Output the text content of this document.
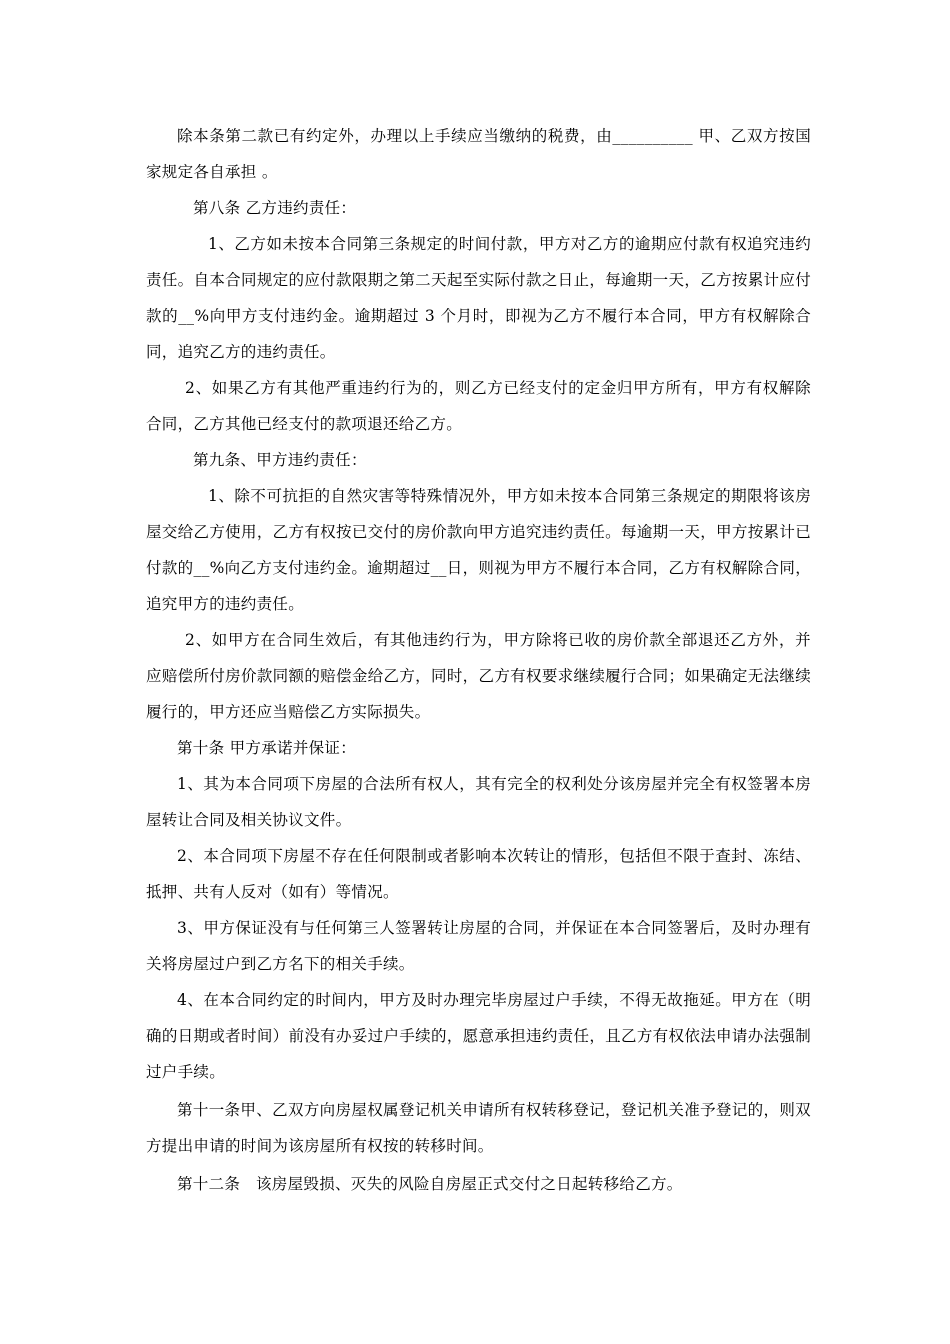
除本条第二款已有约定外，办理以上手续应当缴纳的税费，由__________ 甲、乙双方按国家规定各自承担 。

第八条 乙方违约责任：

1、乙方如未按本合同第三条规定的时间付款，甲方对乙方的逾期应付款有权追究违约责任。自本合同规定的应付款限期之第二天起至实际付款之日止，每逾期一天，乙方按累计应付款的__%向甲方支付违约金。逾期超过 3 个月时，即视为乙方不履行本合同，甲方有权解除合同，追究乙方的违约责任。

2、如果乙方有其他严重违约行为的，则乙方已经支付的定金归甲方所有，甲方有权解除合同，乙方其他已经支付的款项退还给乙方。

第九条、甲方违约责任：

1、除不可抗拒的自然灾害等特殊情况外，甲方如未按本合同第三条规定的期限将该房屋交给乙方使用，乙方有权按已交付的房价款向甲方追究违约责任。每逾期一天，甲方按累计已付款的__%向乙方支付违约金。逾期超过__日，则视为甲方不履行本合同，乙方有权解除合同，追究甲方的违约责任。

2、如甲方在合同生效后，有其他违约行为，甲方除将已收的房价款全部退还乙方外，并应赔偿所付房价款同额的赔偿金给乙方，同时，乙方有权要求继续履行合同；如果确定无法继续履行的，甲方还应当赔偿乙方实际损失。

第十条 甲方承诺并保证：

1、其为本合同项下房屋的合法所有权人，其有完全的权利处分该房屋并完全有权签署本房屋转让合同及相关协议文件。

2、本合同项下房屋不存在任何限制或者影响本次转让的情形，包括但不限于查封、冻结、抵押、共有人反对（如有）等情况。

3、甲方保证没有与任何第三人签署转让房屋的合同，并保证在本合同签署后，及时办理有关将房屋过户到乙方名下的相关手续。

4、在本合同约定的时间内，甲方及时办理完毕房屋过户手续，不得无故拖延。甲方在（明确的日期或者时间）前没有办妥过户手续的，愿意承担违约责任，且乙方有权依法申请办法强制过户手续。

第十一条甲、乙双方向房屋权属登记机关申请所有权转移登记，登记机关准予登记的，则双方提出申请的时间为该房屋所有权按的转移时间。

第十二条　该房屋毁损、灭失的风险自房屋正式交付之日起转移给乙方。
